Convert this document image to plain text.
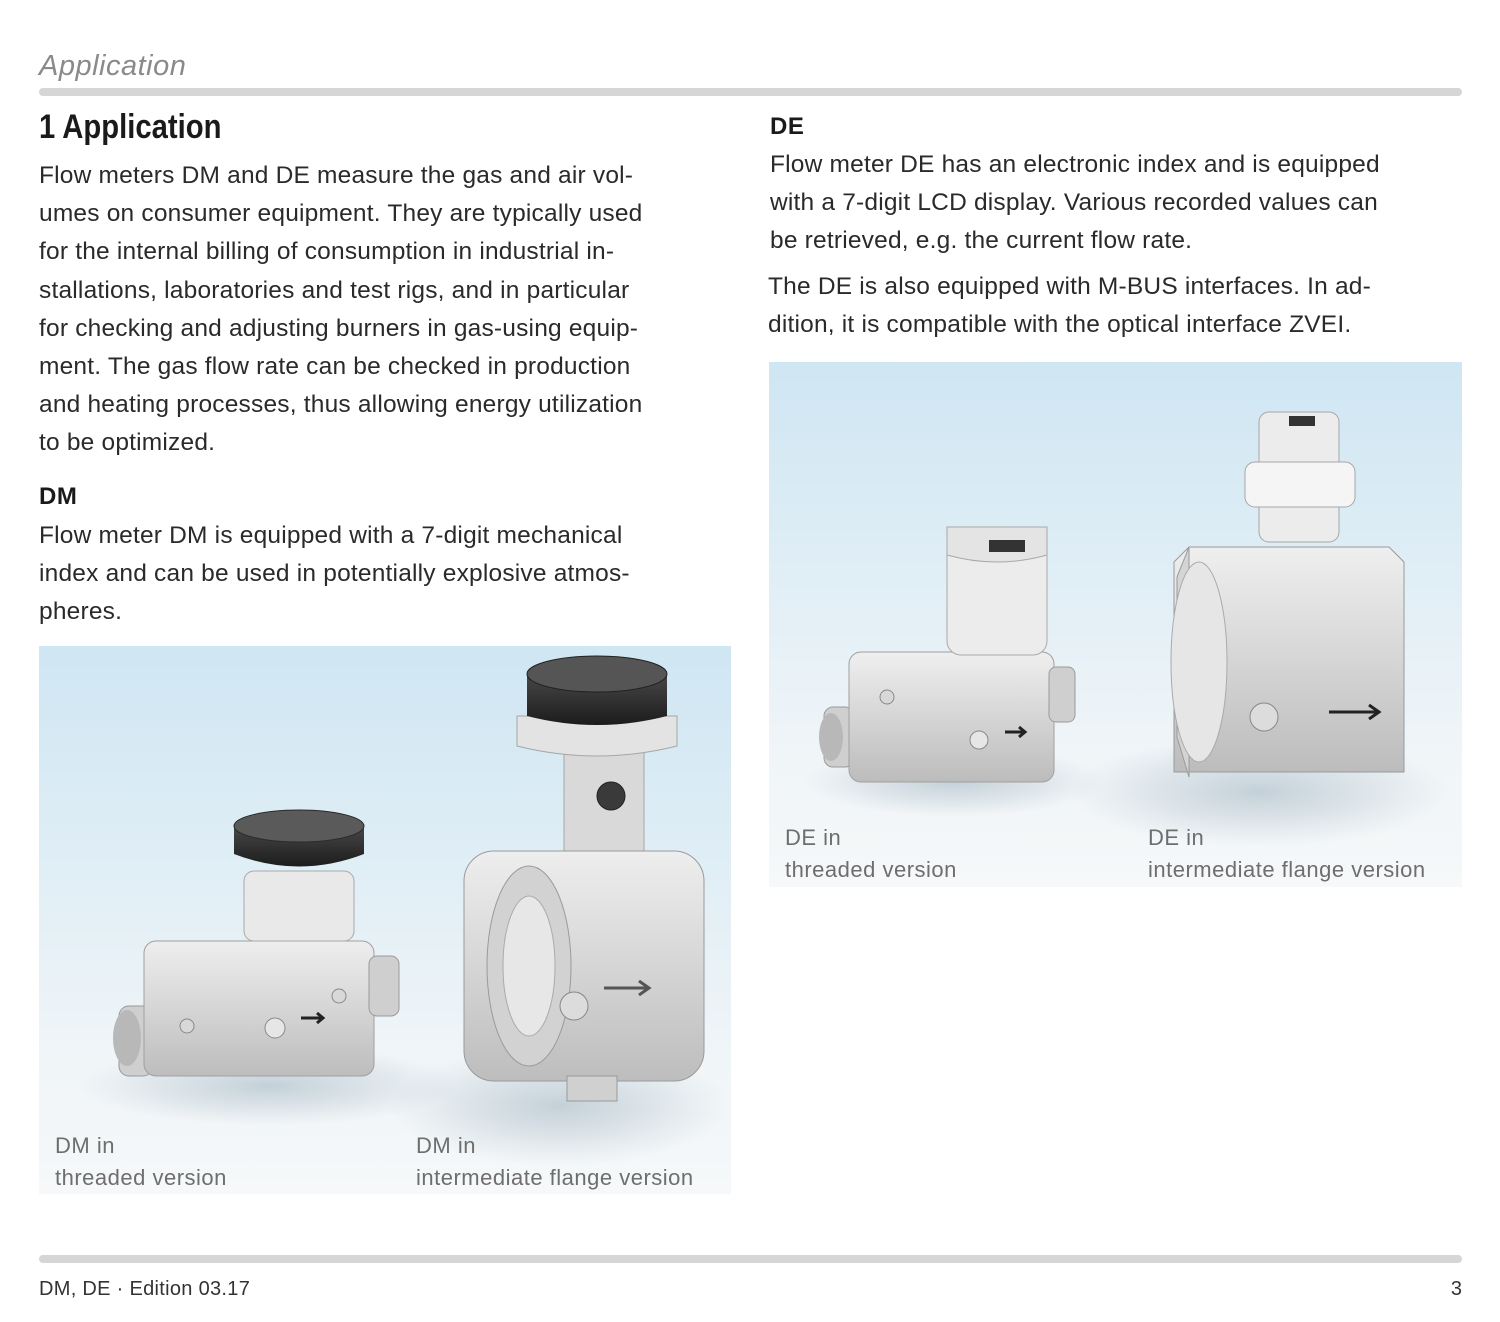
Application
1 Application
Flow meters DM and DE measure the gas and air vol-
umes on consumer equipment. They are typically used
for the internal billing of consumption in industrial in-
stallations, laboratories and test rigs, and in particular
for checking and adjusting burners in gas-using equip-
ment. The gas flow rate can be checked in production
and heating processes, thus allowing energy utilization
to be optimized.
DM
Flow meter DM is equipped with a 7-digit mechanical
index and can be used in potentially explosive atmos-
pheres.
DM in
threaded version
DM in
intermediate flange version
DE
Flow meter DE has an electronic index and is equipped
with a 7-digit LCD display. Various recorded values can
be retrieved, e.g. the current flow rate.
The DE is also equipped with M-BUS interfaces. In ad-
dition, it is compatible with the optical interface ZVEI.
DE in
threaded version
DE in
intermediate flange version
DM, DE · Edition 03.17	3
